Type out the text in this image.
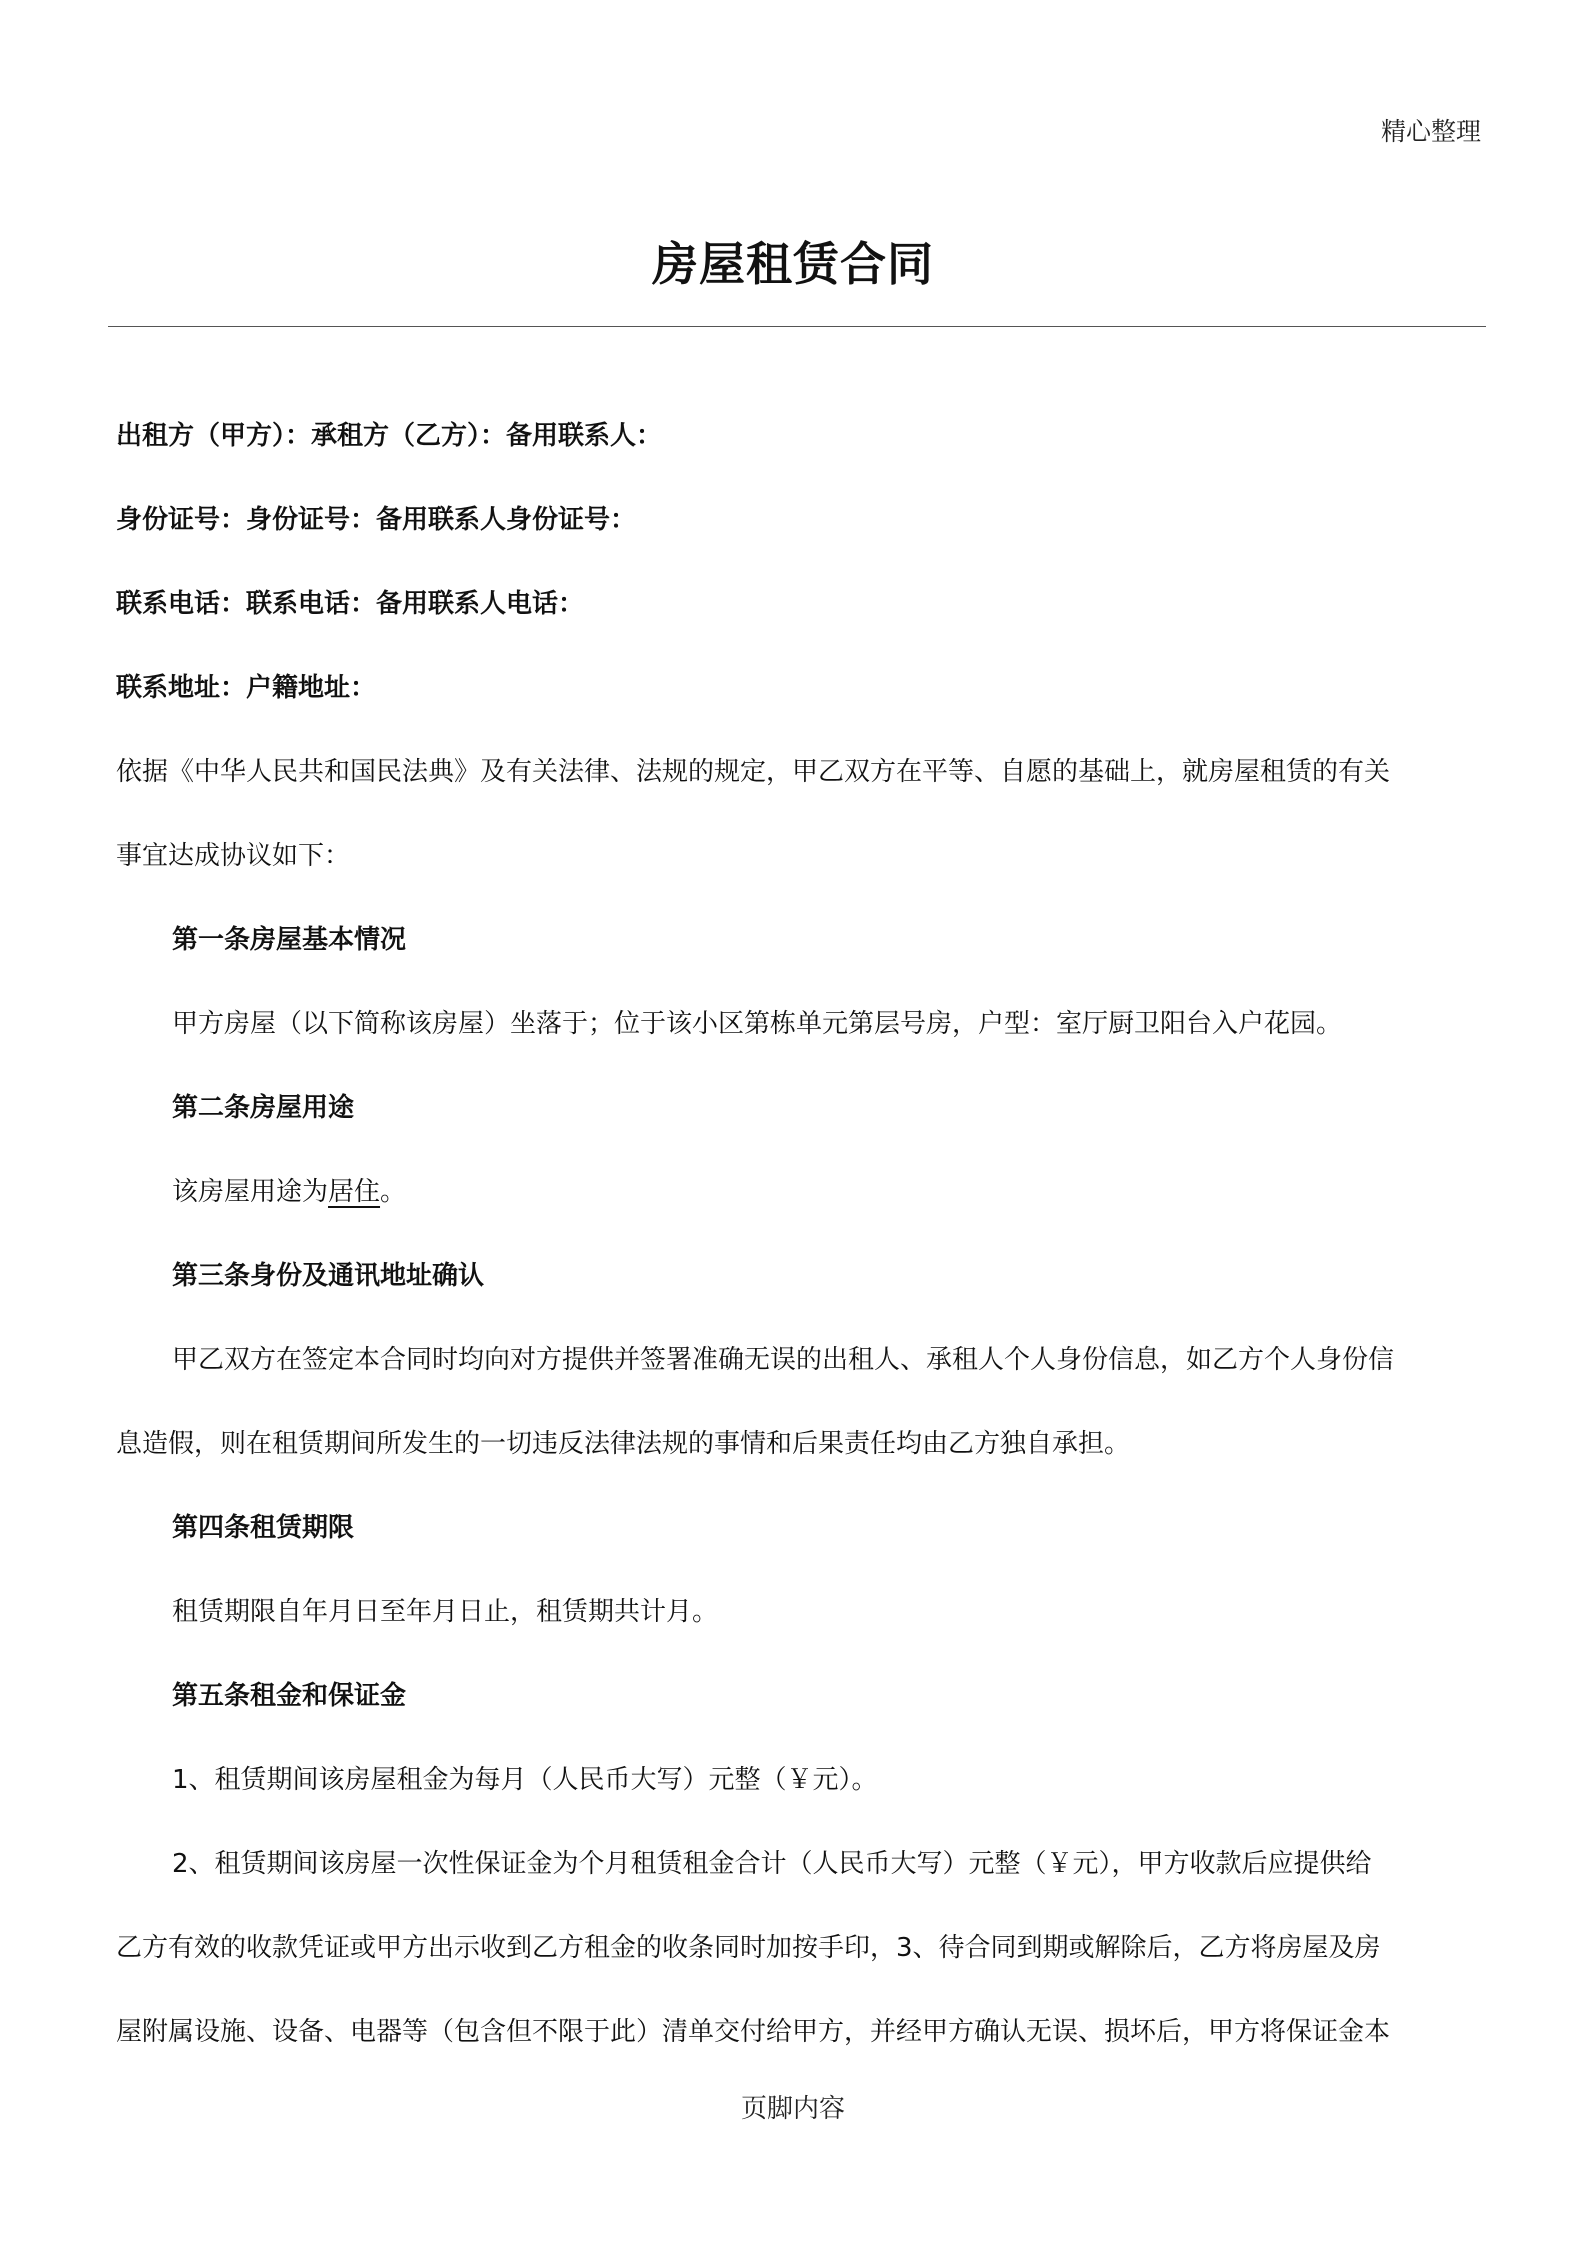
精心整理
房屋租赁合同

出租方（甲方）：承租方（乙方）：备用联系人：

身份证号：身份证号：备用联系人身份证号：

联系电话：联系电话：备用联系人电话：

联系地址：户籍地址：

依据《中华人民共和国民法典》及有关法律、法规的规定，甲乙双方在平等、自愿的基础上，就房屋租赁的有关

事宜达成协议如下：

第一条房屋基本情况

甲方房屋（以下简称该房屋）坐落于；位于该小区第栋单元第层号房，户型：室厅厨卫阳台入户花园。

第二条房屋用途

该房屋用途为居住。

第三条身份及通讯地址确认

甲乙双方在签定本合同时均向对方提供并签署准确无误的出租人、承租人个人身份信息，如乙方个人身份信

息造假，则在租赁期间所发生的一切违反法律法规的事情和后果责任均由乙方独自承担。

第四条租赁期限

租赁期限自年月日至年月日止，租赁期共计月。

第五条租金和保证金

1、租赁期间该房屋租金为每月（人民币大写）元整（￥元）。

2、租赁期间该房屋一次性保证金为个月租赁租金合计（人民币大写）元整（￥元），甲方收款后应提供给

乙方有效的收款凭证或甲方出示收到乙方租金的收条同时加按手印，3、待合同到期或解除后，乙方将房屋及房

屋附属设施、设备、电器等（包含但不限于此）清单交付给甲方，并经甲方确认无误、损坏后，甲方将保证金本

页脚内容
